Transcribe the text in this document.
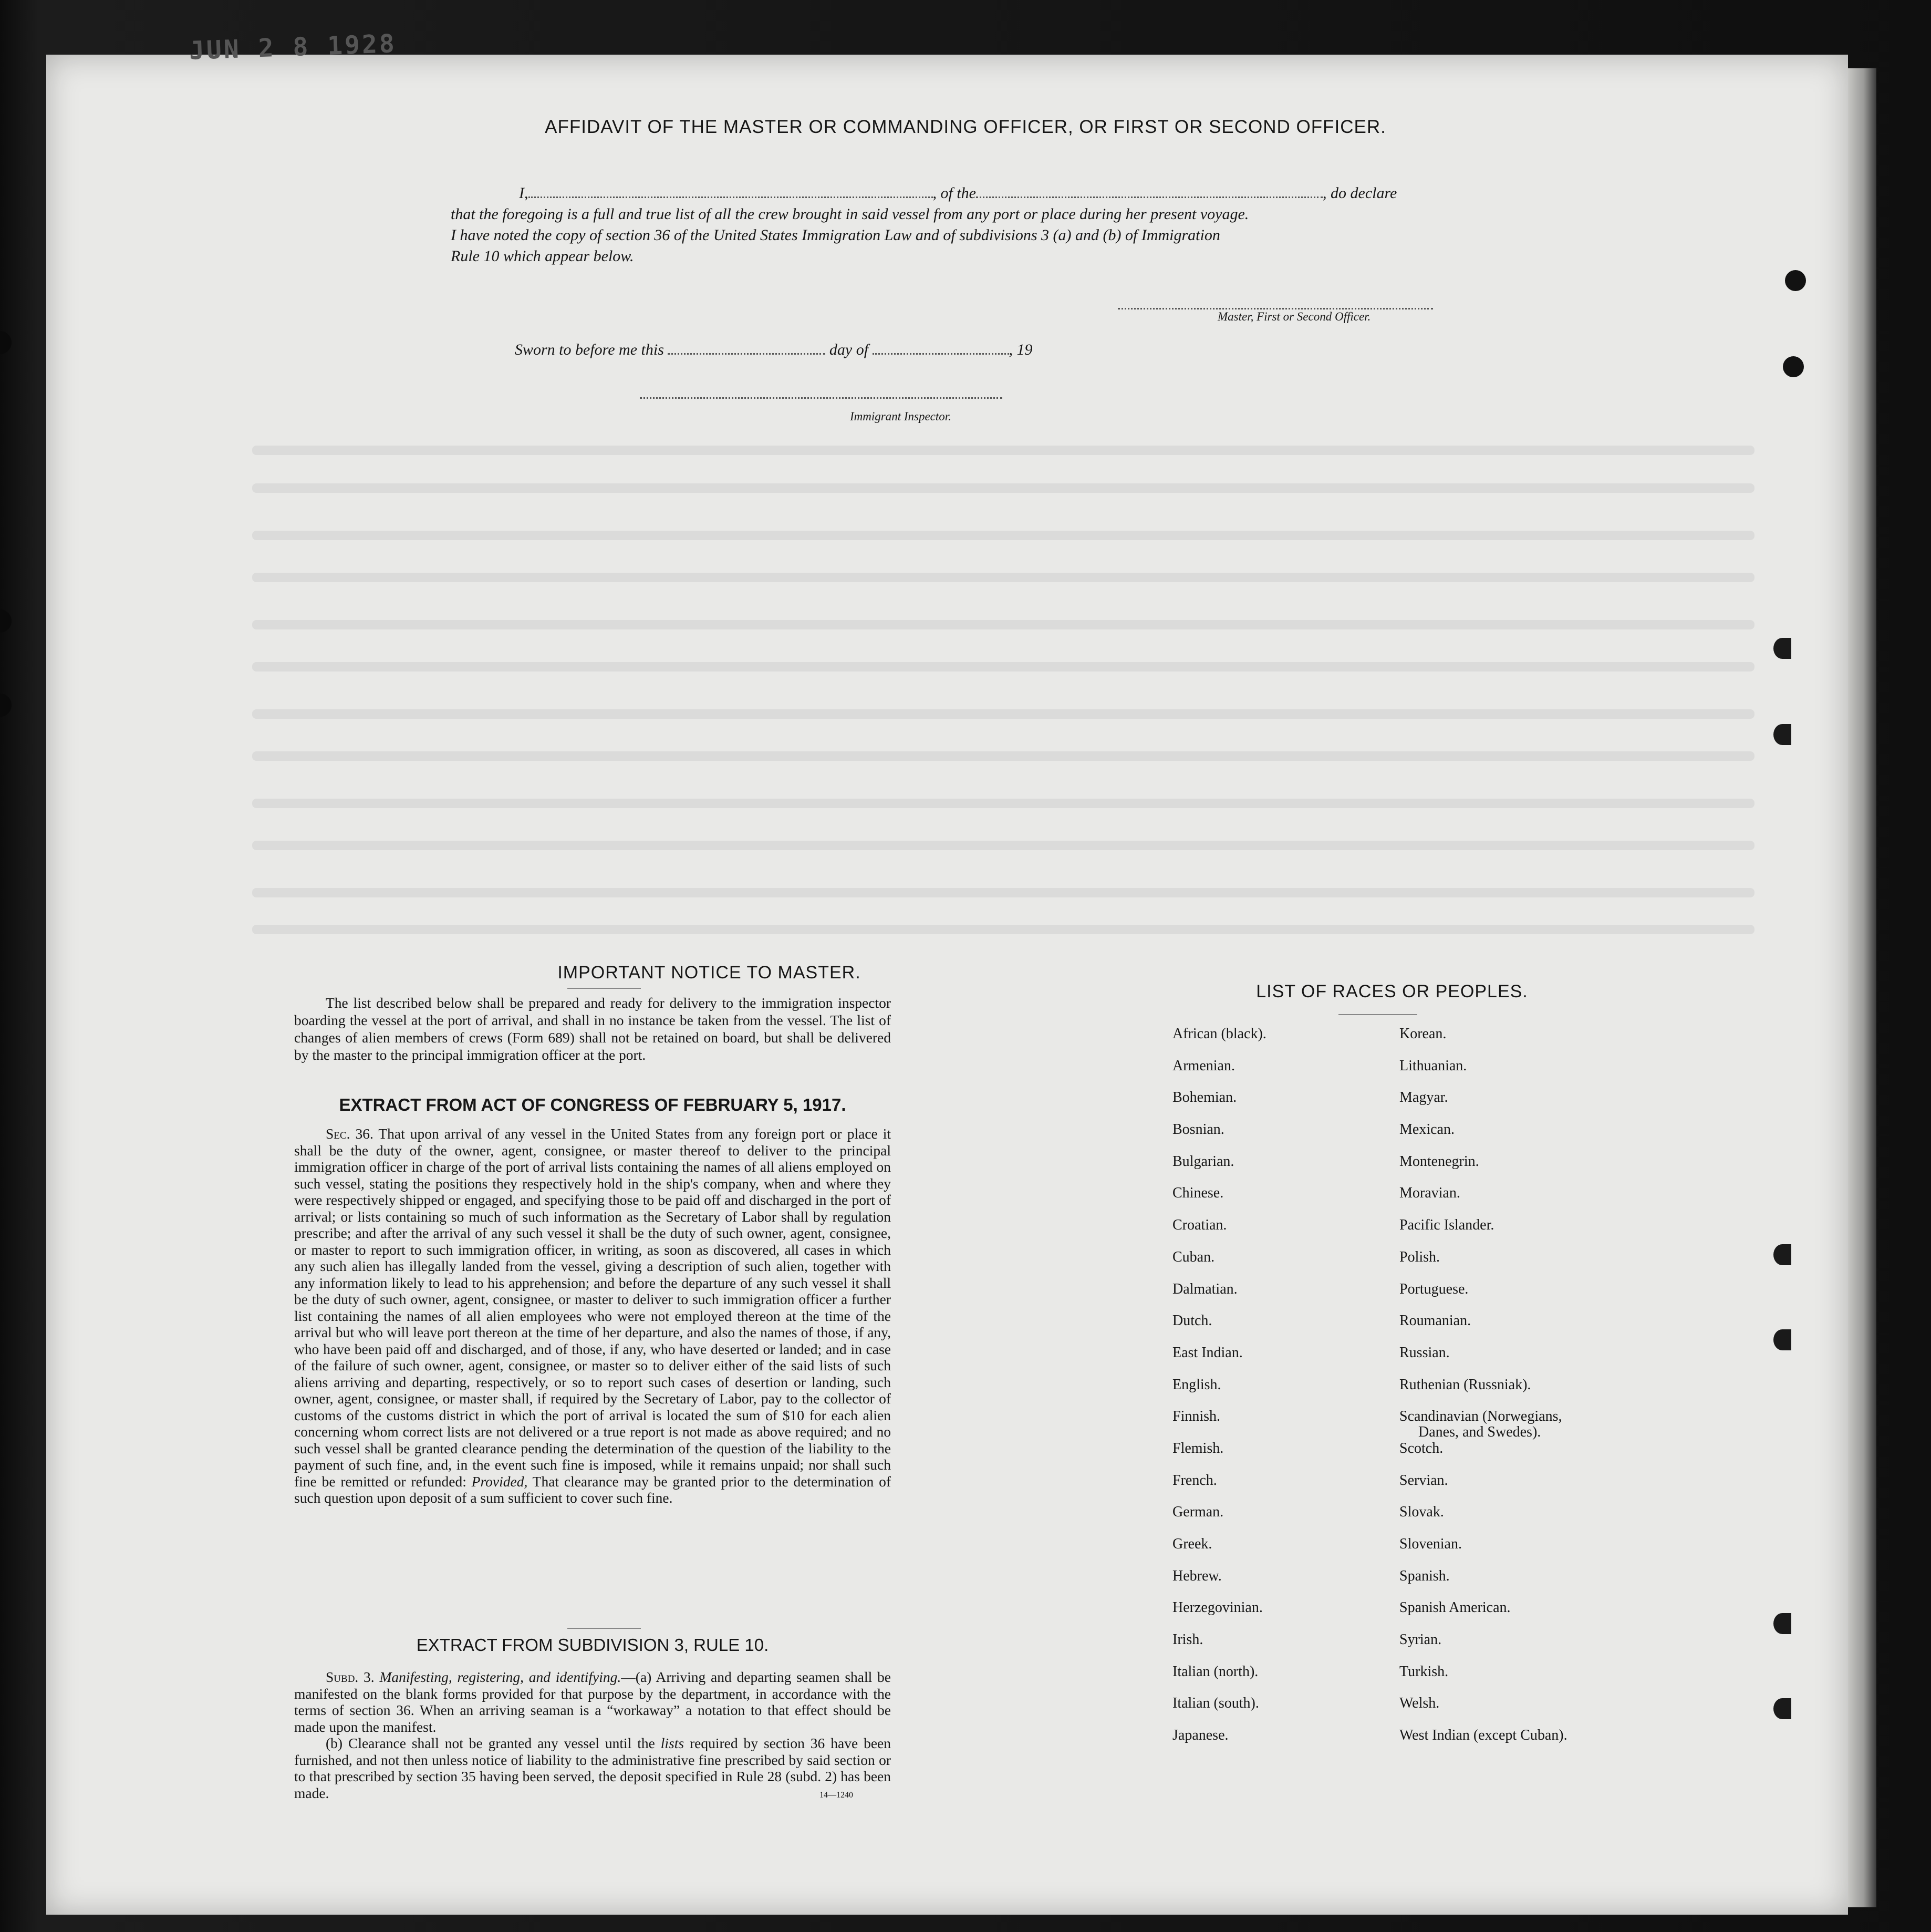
JUN 2 8 1928
AFFIDAVIT OF THE MASTER OR COMMANDING OFFICER, OR FIRST OR SECOND OFFICER.
I,	, of the	, do declare
that the foregoing is a full and true list of all the crew brought in said vessel from any port or place during her present voyage.
I have noted the copy of section 36 of the United States Immigration Law and of subdivisions 3 (a) and (b) of Immigration
Rule 10 which appear below.
Master, First or Second Officer.
Sworn to before me this	day of	, 19
Immigrant Inspector.
IMPORTANT NOTICE TO MASTER.
The list described below shall be prepared and ready for delivery to the immigration inspector boarding the vessel at the port of arrival, and shall in no instance be taken from the vessel. The list of changes of alien members of crews (Form 689) shall not be retained on board, but shall be delivered by the master to the principal immigration officer at the port.
EXTRACT FROM ACT OF CONGRESS OF FEBRUARY 5, 1917.

Sec. 36. That upon arrival of any vessel in the United States from any foreign port or place it shall be the duty of the owner, agent, consignee, or master thereof to deliver to the principal immigration officer in charge of the port of arrival lists containing the names of all aliens employed on such vessel, stating the positions they respectively hold in the ship's company, when and where they were respectively shipped or engaged, and specifying those to be paid off and discharged in the port of arrival; or lists containing so much of such information as the Secretary of Labor shall by regulation prescribe; and after the arrival of any such vessel it shall be the duty of such owner, agent, consignee, or master to report to such immigration officer, in writing, as soon as discovered, all cases in which any such alien has illegally landed from the vessel, giving a description of such alien, together with any information likely to lead to his apprehension; and before the departure of any such vessel it shall be the duty of such owner, agent, consignee, or master to deliver to such immigration officer a further list containing the names of all alien employees who were not employed thereon at the time of the arrival but who will leave port thereon at the time of her departure, and also the names of those, if any, who have been paid off and discharged, and of those, if any, who have deserted or landed; and in case of the failure of such owner, agent, consignee, or master so to deliver either of the said lists of such aliens arriving and departing, respectively, or so to report such cases of desertion or landing, such owner, agent, consignee, or master shall, if required by the Secretary of Labor, pay to the collector of customs of the customs district in which the port of arrival is located the sum of $10 for each alien concerning whom correct lists are not delivered or a true report is not made as above required; and no such vessel shall be granted clearance pending the determination of the question of the liability to the payment of such fine, and, in the event such fine is imposed, while it remains unpaid; nor shall such fine be remitted or refunded: Provided, That clearance may be granted prior to the determination of such question upon deposit of a sum sufficient to cover such fine.

EXTRACT FROM SUBDIVISION 3, RULE 10.

Subd. 3. Manifesting, registering, and identifying.—(a) Arriving and departing seamen shall be manifested on the blank forms provided for that purpose by the department, in accordance with the terms of section 36. When an arriving seaman is a “workaway” a notation to that effect should be made upon the manifest.

(b) Clearance shall not be granted any vessel until the lists required by section 36 have been furnished, and not then unless notice of liability to the administrative fine prescribed by said section or to that prescribed by section 35 having been served, the deposit specified in Rule 28 (subd. 2) has been made.	14—1240
LIST OF RACES OR PEOPLES.
African (black).
Armenian.
Bohemian.
Bosnian.
Bulgarian.
Chinese.
Croatian.
Cuban.
Dalmatian.
Dutch.
East Indian.
English.
Finnish.
Flemish.
French.
German.
Greek.
Hebrew.
Herzegovinian.
Irish.
Italian (north).
Italian (south).
Japanese.
Korean.
Lithuanian.
Magyar.
Mexican.
Montenegrin.
Moravian.
Pacific Islander.
Polish.
Portuguese.
Roumanian.
Russian.
Ruthenian (Russniak).
Scandinavian (Norwegians,
Danes, and Swedes).
Scotch.
Servian.
Slovak.
Slovenian.
Spanish.
Spanish American.
Syrian.
Turkish.
Welsh.
West Indian (except Cuban).
